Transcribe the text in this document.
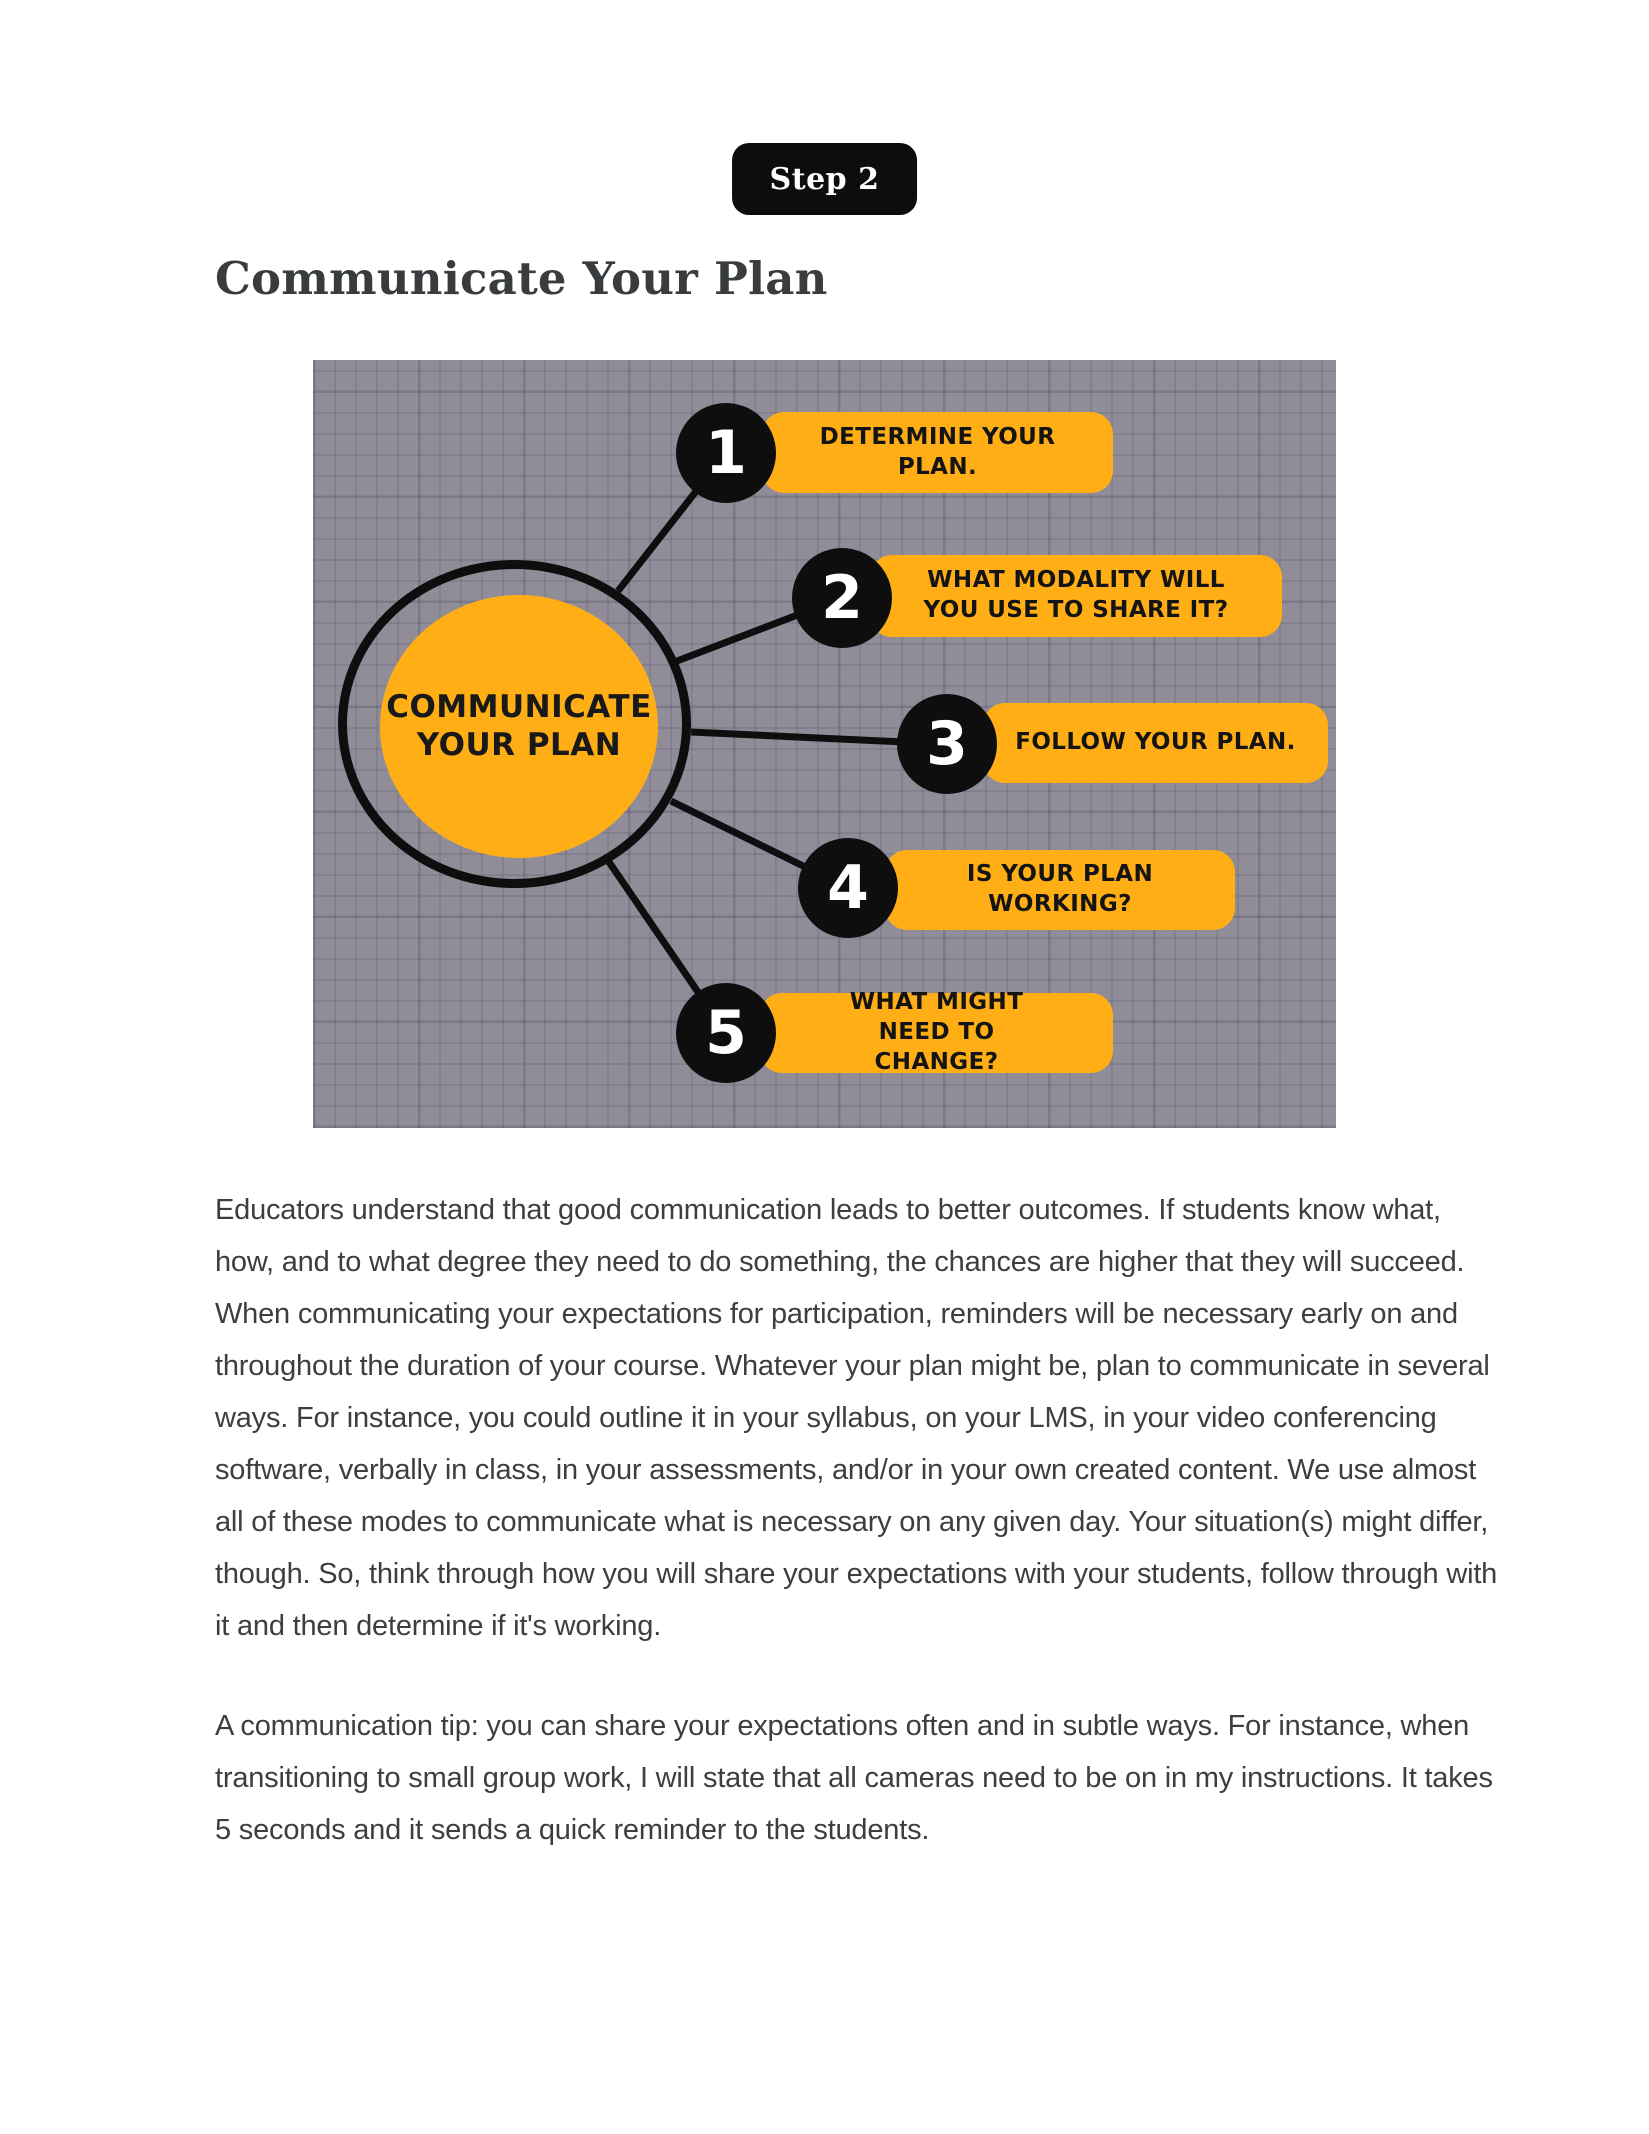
Step 2
Communicate Your Plan
COMMUNICATE YOUR PLAN
DETERMINE YOUR PLAN.
WHAT MODALITY WILL YOU USE TO SHARE IT?
FOLLOW YOUR PLAN.
IS YOUR PLAN WORKING?
WHAT MIGHT NEED TO CHANGE?
1
2
3
4
5

Educators understand that good communication leads to better outcomes. If students know what, how, and to what degree they need to do something, the chances are higher that they will succeed. When communicating your expectations for participation, reminders will be necessary early on and throughout the duration of your course. Whatever your plan might be, plan to communicate in several ways. For instance, you could outline it in your syllabus, on your LMS, in your video conferencing software, verbally in class, in your assessments, and/or in your own created content. We use almost all of these modes to communicate what is necessary on any given day. Your situation(s) might differ, though. So, think through how you will share your expectations with your students, follow through with it and then determine if it's working.

A communication tip: you can share your expectations often and in subtle ways. For instance, when transitioning to small group work, I will state that all cameras need to be on in my instructions. It takes 5 seconds and it sends a quick reminder to the students.
